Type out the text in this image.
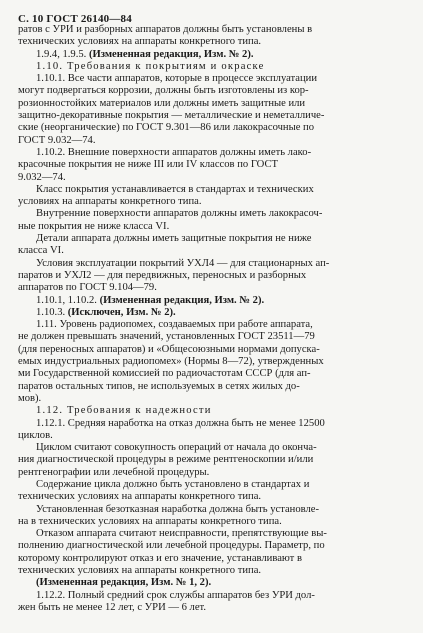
С. 10 ГОСТ 26140—84
ратов с УРИ и разборных аппаратов должны быть установлены в
технических условиях на аппараты конкретного типа.
1.9.4, 1.9.5. (Измененная редакция, Изм. № 2).
1.10. Требования к покрытиям и окраске
1.10.1. Все части аппаратов, которые в процессе эксплуатации
могут подвергаться коррозии, должны быть изготовлены из кор-
розионностойких материалов или должны иметь защитные или
защитно-декоративные покрытия — металлические и неметалличе-
ские (неорганические) по ГОСТ 9.301—86 или лакокрасочные по
ГОСТ 9.032—74.
1.10.2. Внешние поверхности аппаратов должны иметь лако-
красочные покрытия не ниже III или IV классов по ГОСТ
9.032—74.
Класс покрытия устанавливается в стандартах и технических
условиях на аппараты конкретного типа.
Внутренние поверхности аппаратов должны иметь лакокрасоч-
ные покрытия не ниже класса VI.
Детали аппарата должны иметь защитные покрытия не ниже
класса VI.
Условия эксплуатации покрытий УХЛ4 — для стационарных ап-
паратов и УХЛ2 — для передвижных, переносных и разборных
аппаратов по ГОСТ 9.104—79.
1.10.1, 1.10.2. (Измененная редакция, Изм. № 2).
1.10.3. (Исключен, Изм. № 2).
1.11. Уровень радиопомех, создаваемых при работе аппарата,
не должен превышать значений, установленных ГОСТ 23511—79
(для переносных аппаратов) и «Общесоюзными нормами допуска-
емых индустриальных радиопомех» (Нормы 8—72), утвержденных
ми Государственной комиссией по радиочастотам СССР (для ап-
паратов остальных типов, не используемых в сетях жилых до-
мов).
1.12. Требования к надежности
1.12.1. Средняя наработка на отказ должна быть не менее 12500
циклов.
Циклом считают совокупность операций от начала до оконча-
ния диагностической процедуры в режиме рентгеноскопии и/или
рентгенографии или лечебной процедуры.
Содержание цикла должно быть установлено в стандартах и
технических условиях на аппараты конкретного типа.
Установленная безотказная наработка должна быть установле-
на в технических условиях на аппараты конкретного типа.
Отказом аппарата считают неисправности, препятствующие вы-
полнению диагностической или лечебной процедуры. Параметр, по
которому контролируют отказ и его значение, устанавливают в
технических условиях на аппараты конкретного типа.
(Измененная редакция, Изм. № 1, 2).
1.12.2. Полный средний срок службы аппаратов без УРИ дол-
жен быть не менее 12 лет, с УРИ — 6 лет.
